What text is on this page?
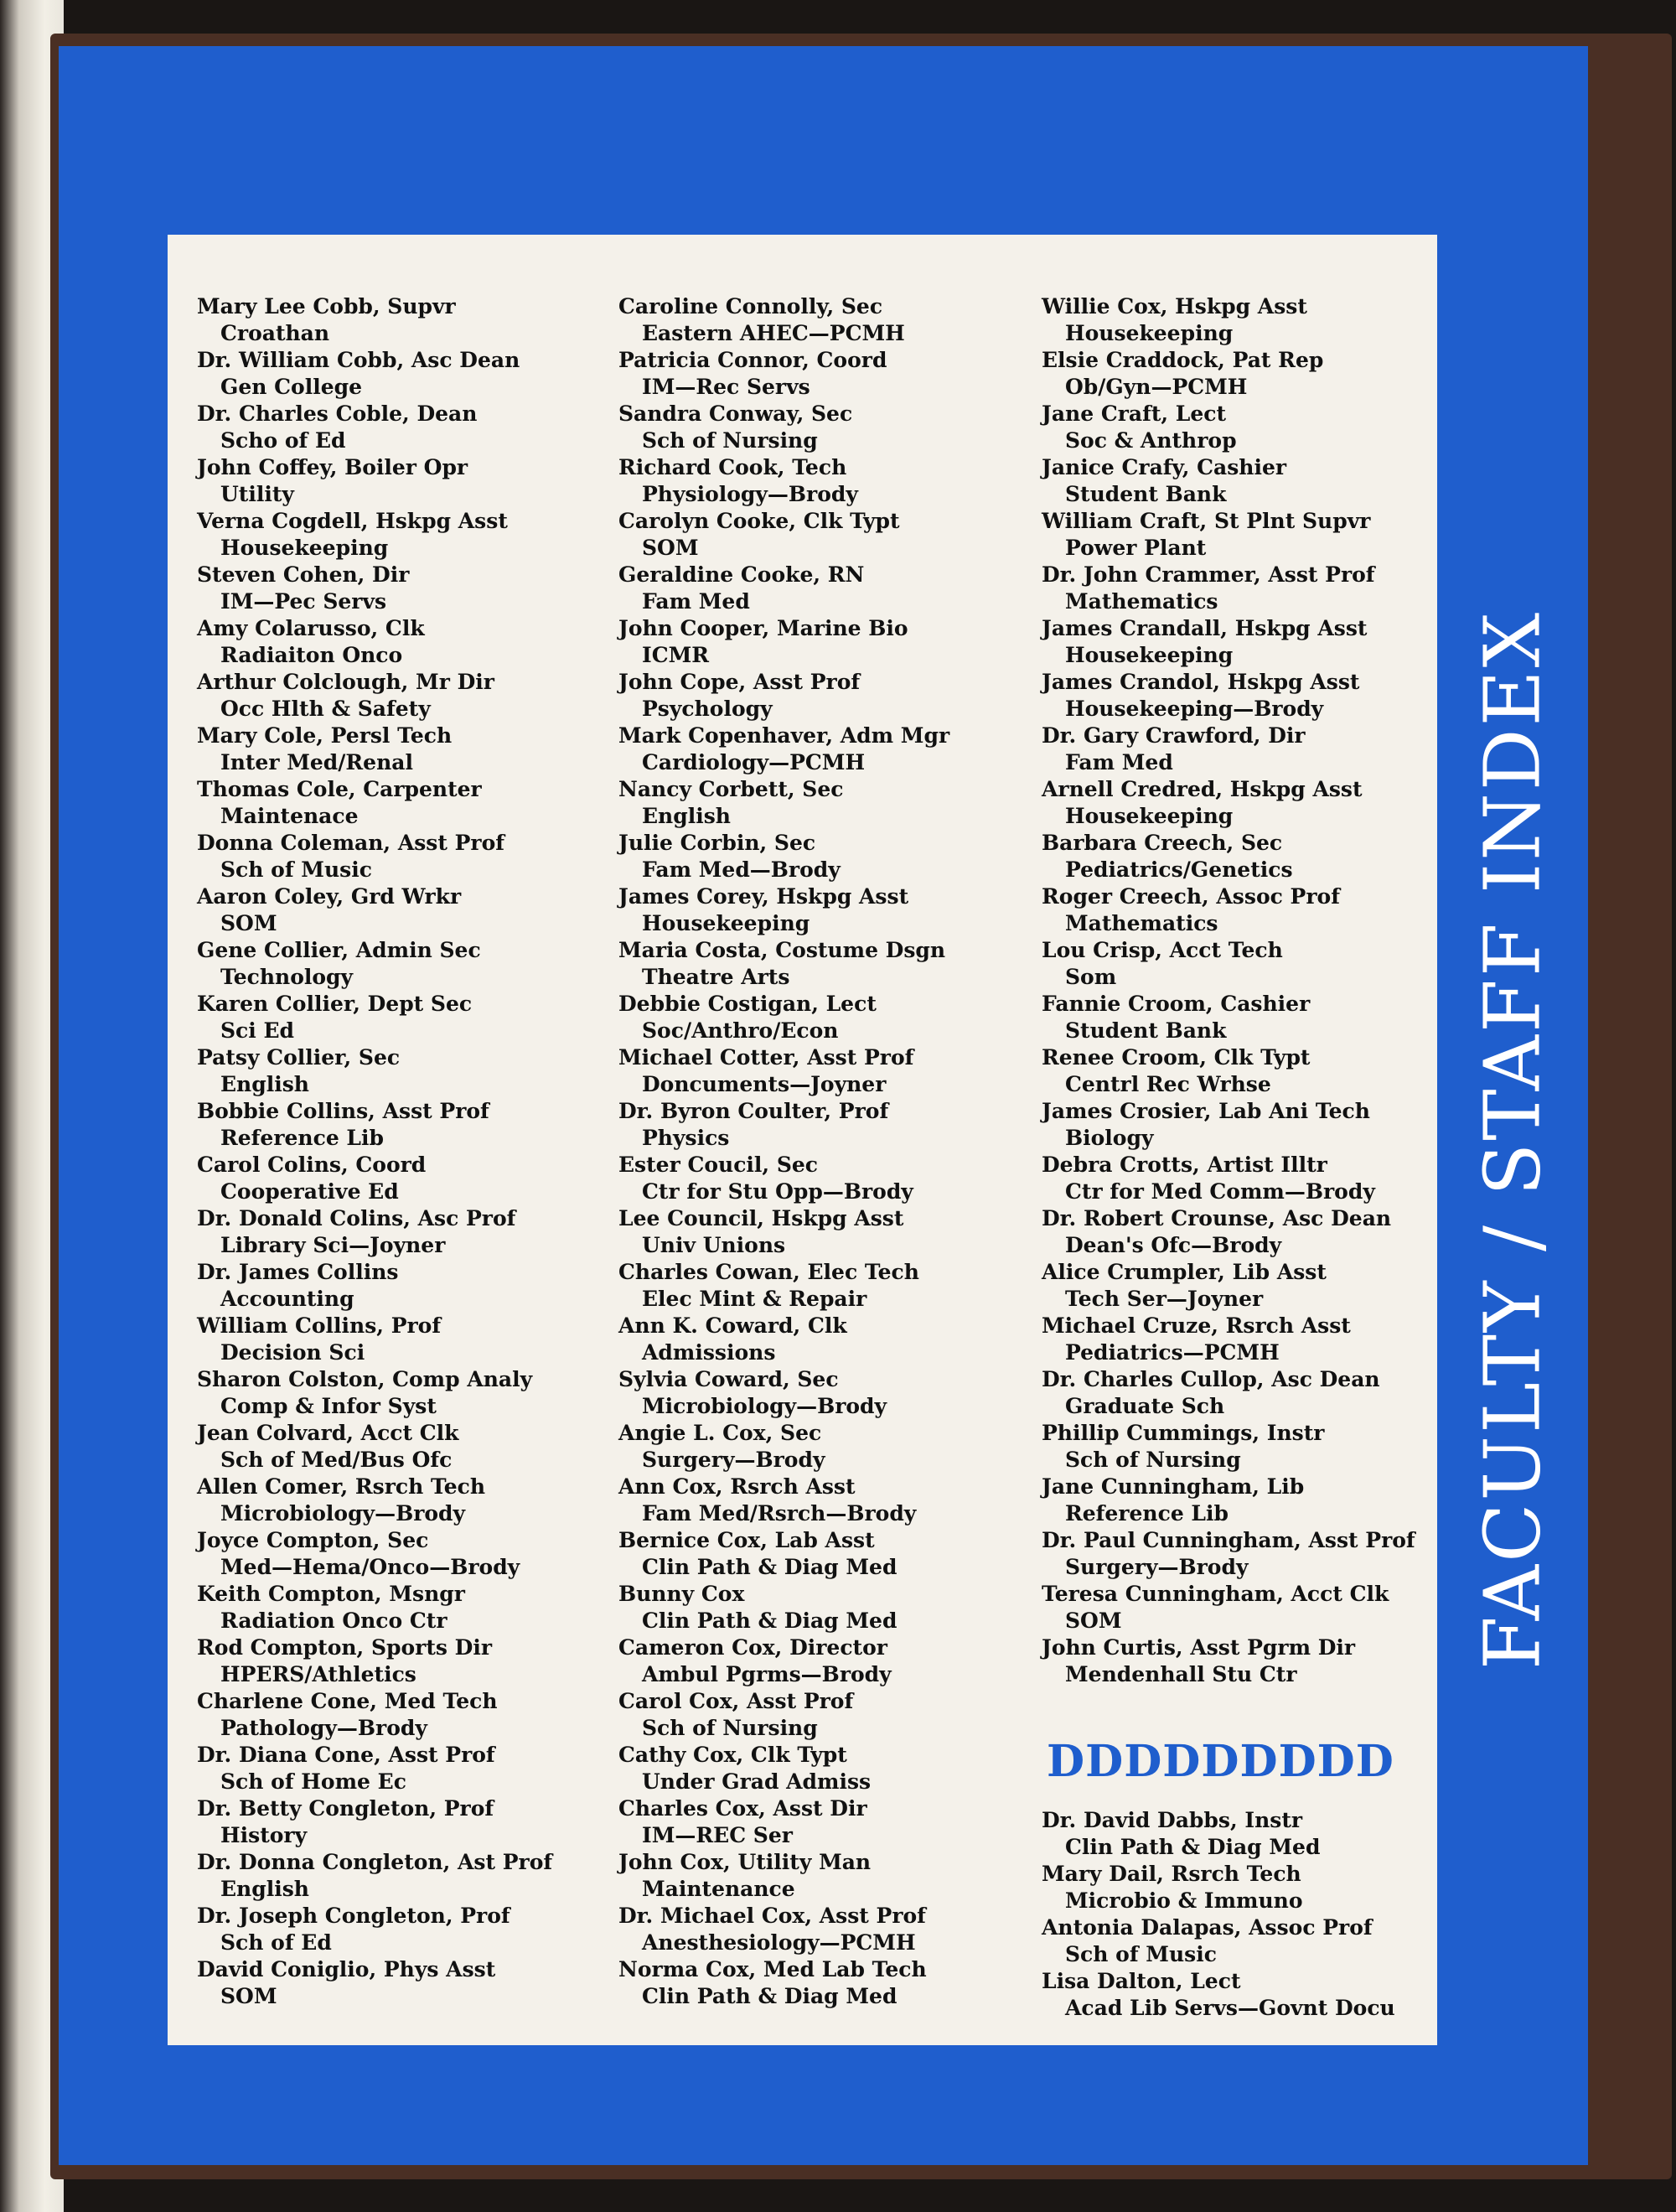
Mary Lee Cobb, Supvr
Croathan
Dr. William Cobb, Asc Dean
Gen College
Dr. Charles Coble, Dean
Scho of Ed
John Coffey, Boiler Opr
Utility
Verna Cogdell, Hskpg Asst
Housekeeping
Steven Cohen, Dir
IM—Pec Servs
Amy Colarusso, Clk
Radiaiton Onco
Arthur Colclough, Mr Dir
Occ Hlth & Safety
Mary Cole, Persl Tech
Inter Med/Renal
Thomas Cole, Carpenter
Maintenace
Donna Coleman, Asst Prof
Sch of Music
Aaron Coley, Grd Wrkr
SOM
Gene Collier, Admin Sec
Technology
Karen Collier, Dept Sec
Sci Ed
Patsy Collier, Sec
English
Bobbie Collins, Asst Prof
Reference Lib
Carol Colins, Coord
Cooperative Ed
Dr. Donald Colins, Asc Prof
Library Sci—Joyner
Dr. James Collins
Accounting
William Collins, Prof
Decision Sci
Sharon Colston, Comp Analy
Comp & Infor Syst
Jean Colvard, Acct Clk
Sch of Med/Bus Ofc
Allen Comer, Rsrch Tech
Microbiology—Brody
Joyce Compton, Sec
Med—Hema/Onco—Brody
Keith Compton, Msngr
Radiation Onco Ctr
Rod Compton, Sports Dir
HPERS/Athletics
Charlene Cone, Med Tech
Pathology—Brody
Dr. Diana Cone, Asst Prof
Sch of Home Ec
Dr. Betty Congleton, Prof
History
Dr. Donna Congleton, Ast Prof
English
Dr. Joseph Congleton, Prof
Sch of Ed
David Coniglio, Phys Asst
SOM
Caroline Connolly, Sec
Eastern AHEC—PCMH
Patricia Connor, Coord
IM—Rec Servs
Sandra Conway, Sec
Sch of Nursing
Richard Cook, Tech
Physiology—Brody
Carolyn Cooke, Clk Typt
SOM
Geraldine Cooke, RN
Fam Med
John Cooper, Marine Bio
ICMR
John Cope, Asst Prof
Psychology
Mark Copenhaver, Adm Mgr
Cardiology—PCMH
Nancy Corbett, Sec
English
Julie Corbin, Sec
Fam Med—Brody
James Corey, Hskpg Asst
Housekeeping
Maria Costa, Costume Dsgn
Theatre Arts
Debbie Costigan, Lect
Soc/Anthro/Econ
Michael Cotter, Asst Prof
Doncuments—Joyner
Dr. Byron Coulter, Prof
Physics
Ester Coucil, Sec
Ctr for Stu Opp—Brody
Lee Council, Hskpg Asst
Univ Unions
Charles Cowan, Elec Tech
Elec Mint & Repair
Ann K. Coward, Clk
Admissions
Sylvia Coward, Sec
Microbiology—Brody
Angie L. Cox, Sec
Surgery—Brody
Ann Cox, Rsrch Asst
Fam Med/Rsrch—Brody
Bernice Cox, Lab Asst
Clin Path & Diag Med
Bunny Cox
Clin Path & Diag Med
Cameron Cox, Director
Ambul Pgrms—Brody
Carol Cox, Asst Prof
Sch of Nursing
Cathy Cox, Clk Typt
Under Grad Admiss
Charles Cox, Asst Dir
IM—REC Ser
John Cox, Utility Man
Maintenance
Dr. Michael Cox, Asst Prof
Anesthesiology—PCMH
Norma Cox, Med Lab Tech
Clin Path & Diag Med
Willie Cox, Hskpg Asst
Housekeeping
Elsie Craddock, Pat Rep
Ob/Gyn—PCMH
Jane Craft, Lect
Soc & Anthrop
Janice Crafy, Cashier
Student Bank
William Craft, St Plnt Supvr
Power Plant
Dr. John Crammer, Asst Prof
Mathematics
James Crandall, Hskpg Asst
Housekeeping
James Crandol, Hskpg Asst
Housekeeping—Brody
Dr. Gary Crawford, Dir
Fam Med
Arnell Credred, Hskpg Asst
Housekeeping
Barbara Creech, Sec
Pediatrics/Genetics
Roger Creech, Assoc Prof
Mathematics
Lou Crisp, Acct Tech
Som
Fannie Croom, Cashier
Student Bank
Renee Croom, Clk Typt
Centrl Rec Wrhse
James Crosier, Lab Ani Tech
Biology
Debra Crotts, Artist Illtr
Ctr for Med Comm—Brody
Dr. Robert Crounse, Asc Dean
Dean's Ofc—Brody
Alice Crumpler, Lib Asst
Tech Ser—Joyner
Michael Cruze, Rsrch Asst
Pediatrics—PCMH
Dr. Charles Cullop, Asc Dean
Graduate Sch
Phillip Cummings, Instr
Sch of Nursing
Jane Cunningham, Lib
Reference Lib
Dr. Paul Cunningham, Asst Prof
Surgery—Brody
Teresa Cunningham, Acct Clk
SOM
John Curtis, Asst Pgrm Dir
Mendenhall Stu Ctr
DDDDDDDDD
Dr. David Dabbs, Instr
Clin Path & Diag Med
Mary Dail, Rsrch Tech
Microbio & Immuno
Antonia Dalapas, Assoc Prof
Sch of Music
Lisa Dalton, Lect
Acad Lib Servs—Govnt Docu
FACULTY / STAFF INDEX
